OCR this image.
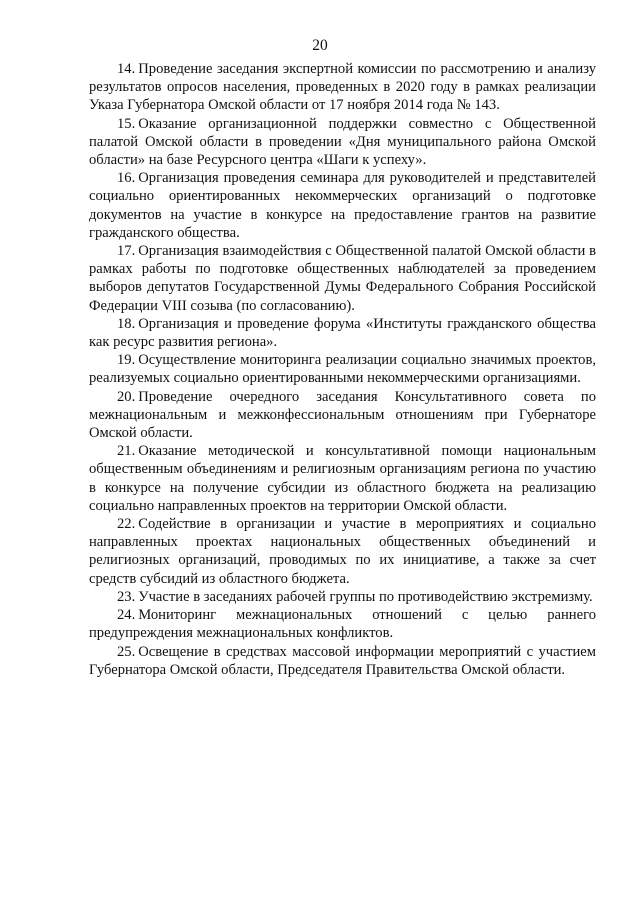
20

14. Проведение заседания экспертной комиссии по рассмотрению и анализу результатов опросов населения, проведенных в 2020 году в рамках реализации Указа Губернатора Омской области от 17 ноября 2014 года № 143.

15. Оказание организационной поддержки совместно с Общественной палатой Омской области в проведении «Дня муниципального района Омской области» на базе Ресурсного центра «Шаги к успеху».

16. Организация проведения семинара для руководителей и представителей социально ориентированных некоммерческих организаций о подготовке документов на участие в конкурсе на предоставление грантов на развитие гражданского общества.

17. Организация взаимодействия с Общественной палатой Омской области в рамках работы по подготовке общественных наблюдателей за проведением выборов депутатов Государственной Думы Федерального Собрания Российской Федерации VIII созыва (по согласованию).

18. Организация и проведение форума «Институты гражданского общества как ресурс развития региона».

19. Осуществление мониторинга реализации социально значимых проектов, реализуемых социально ориентированными некоммерческими организациями.

20. Проведение очередного заседания Консультативного совета по межнациональным и межконфессиональным отношениям при Губернаторе Омской области.

21. Оказание методической и консультативной помощи национальным общественным объединениям и религиозным организациям региона по участию в конкурсе на получение субсидии из областного бюджета на реализацию социально направленных проектов на территории Омской области.

22. Содействие в организации и участие в мероприятиях и социально направленных проектах национальных общественных объединений и религиозных организаций, проводимых по их инициативе, а также за счет средств субсидий из областного бюджета.

23. Участие в заседаниях рабочей группы по противодействию экстремизму.

24. Мониторинг межнациональных отношений с целью раннего предупреждения межнациональных конфликтов.

25. Освещение в средствах массовой информации мероприятий с участием Губернатора Омской области, Председателя Правительства Омской области.
